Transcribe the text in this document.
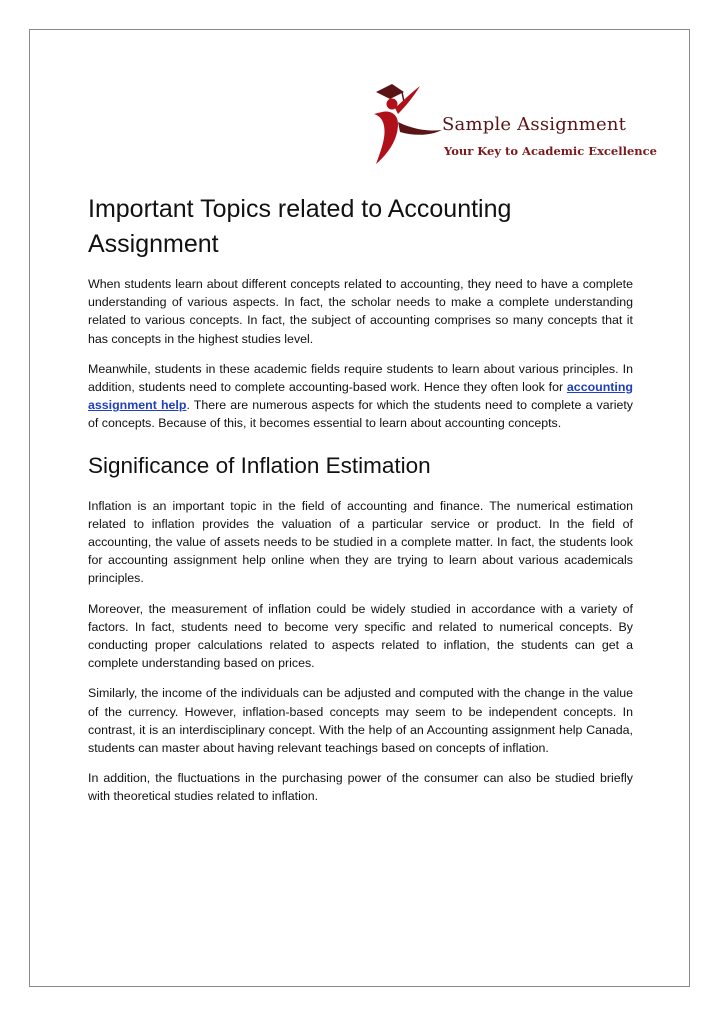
Sample Assignment
Your Key to Academic Excellence
Important Topics related to Accounting Assignment

When students learn about different concepts related to accounting, they need to have a complete understanding of various aspects. In fact, the scholar needs to make a complete understanding related to various concepts. In fact, the subject of accounting comprises so many concepts that it has concepts in the highest studies level.

Meanwhile, students in these academic fields require students to learn about various principles. In addition, students need to complete accounting-based work. Hence they often look for accounting assignment help. There are numerous aspects for which the students need to complete a variety of concepts. Because of this, it becomes essential to learn about accounting concepts.

Significance of Inflation Estimation

Inflation is an important topic in the field of accounting and finance. The numerical estimation related to inflation provides the valuation of a particular service or product. In the field of accounting, the value of assets needs to be studied in a complete matter. In fact, the students look for accounting assignment help online when they are trying to learn about various academicals principles.

Moreover, the measurement of inflation could be widely studied in accordance with a variety of factors. In fact, students need to become very specific and related to numerical concepts. By conducting proper calculations related to aspects related to inflation, the students can get a complete understanding based on prices.

Similarly, the income of the individuals can be adjusted and computed with the change in the value of the currency. However, inflation-based concepts may seem to be independent concepts. In contrast, it is an interdisciplinary concept. With the help of an Accounting assignment help Canada, students can master about having relevant teachings based on concepts of inflation.

In addition, the fluctuations in the purchasing power of the consumer can also be studied briefly with theoretical studies related to inflation.
